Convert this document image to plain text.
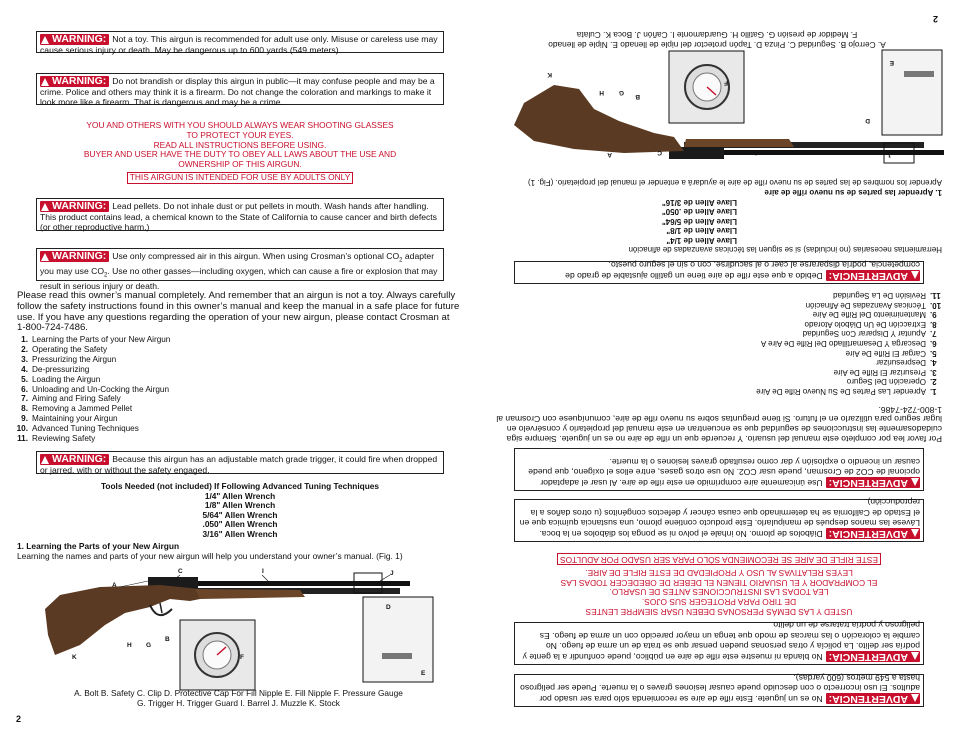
WARNING: Not a toy. This airgun is recommended for adult use only. Misuse or careless use may cause serious injury or death. May be dangerous up to 600 yards (549 meters).
WARNING: Do not brandish or display this airgun in public—it may confuse people and may be a crime. Police and others may think it is a firearm. Do not change the coloration and markings to make it look more like a firearm. That is dangerous and may be a crime.
YOU AND OTHERS WITH YOU SHOULD ALWAYS WEAR SHOOTING GLASSES
TO PROTECT YOUR EYES.
READ ALL INSTRUCTIONS BEFORE USING.
BUYER AND USER HAVE THE DUTY TO OBEY ALL LAWS ABOUT THE USE AND
OWNERSHIP OF THIS AIRGUN.
THIS AIRGUN IS INTENDED FOR USE BY ADULTS ONLY
WARNING: Lead pellets. Do not inhale dust or put pellets in mouth. Wash hands after handling. This product contains lead, a chemical known to the State of California to cause cancer and birth defects (or other reproductive harm.)
WARNING: Use only compressed air in this airgun. When using Crosman’s optional $CO_2$ adapter you may use $CO_2$. Use no other gasses—including oxygen, which can cause a fire or explosion that may result in serious injury or death.
Please read this owner’s manual completely. And remember that an airgun is not a toy. Always carefully follow the safety instructions found in this owner’s manual and keep the manual in a safe place for future use. If you have any questions regarding the operation of your new airgun, please contact Crosman at 1-800-724-7486.
1. Learning the Parts of your New Airgun
2. Operating the Safety
3. Pressurizing the Airgun
4. De-pressurizing
5. Loading the Airgun
6. Unloading and Un-Cocking the Airgun
7. Aiming and Firing Safely
8. Removing a Jammed Pellet
9. Maintaining your Airgun
10. Advanced Tuning Techniques
11. Reviewing Safety
WARNING: Because this airgun has an adjustable match grade trigger, it could fire when dropped or jarred, with or without the safety engaged.
Tools Needed (not included) If Following Advanced Tuning Techniques
1/4" Allen Wrench
1/8" Allen Wrench
5/64" Allen Wrench
.050" Allen Wrench
3/16" Allen Wrench
1. Learning the Parts of your New Airgun
Learning the names and parts of your new airgun will help you understand your owner’s manual. (Fig. 1)
A
C	I	J
D
B
G
H
F
E
K
A. Bolt B. Safety C. Clip D. Protective Cap For Fill Nipple E. Fill Nipple F. Pressure Gauge
G. Trigger H. Trigger Guard I. Barrel J. Muzzle K. Stock
2
ADVERTENCIA:
No es un juguete. Este rifle de aire se recomienda sólo para ser usado por adultos. El uso incorrecto o con descuido puede causar lesiones graves o la muerte. Puede ser peligroso hasta a 549 metros (600 yardas).
ADVERTENCIA:
No blanda ni muestre este rifle de aire en público, puede confundir a la gente y podría ser delito. La policía y otras personas pueden pensar que se trata de un arma de fuego. No cambie la coloración o las marcas de modo que tenga un mayor parecido con un arma de fuego. Es peligroso y podría tratarse de un delito.
USTED Y LAS DEMÁS PERSONAS DEBEN USAR SIEMPRE LENTES
DE TIRO PARA PROTEGER SUS OJOS.
LEA TODAS LAS INSTRUCCIONES ANTES DE USARLO.
EL COMPRADOR Y EL USUARIO TIENEN EL DEBER DE OBEDECER TODAS LAS
LEYES RELATIVAS AL USO Y PROPIEDAD DE ESTE RIFLE DE AIRE.
ESTE RIFLE DE AIRE SE RECOMIENDA SÓLO PARA SER USADO POR ADULTOS
ADVERTENCIA:
Diábolos de plomo. No inhale el polvo ni se ponga los diábolos en la boca. Lávese las manos después de manipularlo. Este producto contiene plomo, una sustancia química que en el Estado de California se ha determinado que causa cáncer y defectos congénitos (u otros daños a la reproducción).
ADVERTENCIA:
Use únicamente aire comprimido en este rifle de aire. Al usar el adaptador opcional de CO2 de Crosman, puede usar CO2. No use otros gases, entre ellos el oxígeno, que puede causar un incendio o explosión y dar como resultado graves lesiones o la muerte.
Por favor lea por completo este manual del usuario. Y recuerde que un rifle de aire no es un juguete. Siempre siga cuidadosamente las instrucciones de seguridad que se encuentran en este manual del propietario y consérvelo en lugar seguro para utilizarlo en el futuro. Si tiene preguntas sobre su nuevo rifle de aire, comuníquese con Crosman al 1-800-724-7486.
1.Aprender Las Partes De Su Nuevo Rifle De Aire
2.Operación Del Seguro
3.Presurizar El Rifle De Aire
4.Despresurizar
5.Cargar El Rifle De Aire
6.Descarga Y Desamartillado Del Rifle De Aire A
7.Apuntar Y Disparar Con Seguridad
8.Extracción De Un Diábolo Atorado
9.Mantenimiento Del Rifle De Aire
10.Técnicas Avanzadas De Afinación
11.Revisión De La Seguridad
ADVERTENCIA:
Debido a que este rifle de aire tiene un gatillo ajustable de grado de competencia, podría dispararse al caer o al sacudirse, con o sin el seguro puesto.
Herramientas necesarias (no incluidas) si se siguen las técnicas avanzadas de afinación
Llave Allen de 1/4"
Llave Allen de 1/8"
Llave Allen de 5/64"
Llave Allen de .050"
Llave Allen de 3/16"
1. Aprender las partes de su nuevo rifle de aire
Aprender los nombres de las partes de su nuevo rifle de aire le ayudará a entender el manual del propietario. (Fig. 1)
A	C	I	J
D
B
G
H
F
E
K
A. Cerrojo B. Seguridad C. Pinza D. Tapón protector del niple de llenado E. Niple de llenado
F. Medidor de presión G. Gatillo H. Guardamonte I. Cañón J. Boca K. Culata
2
